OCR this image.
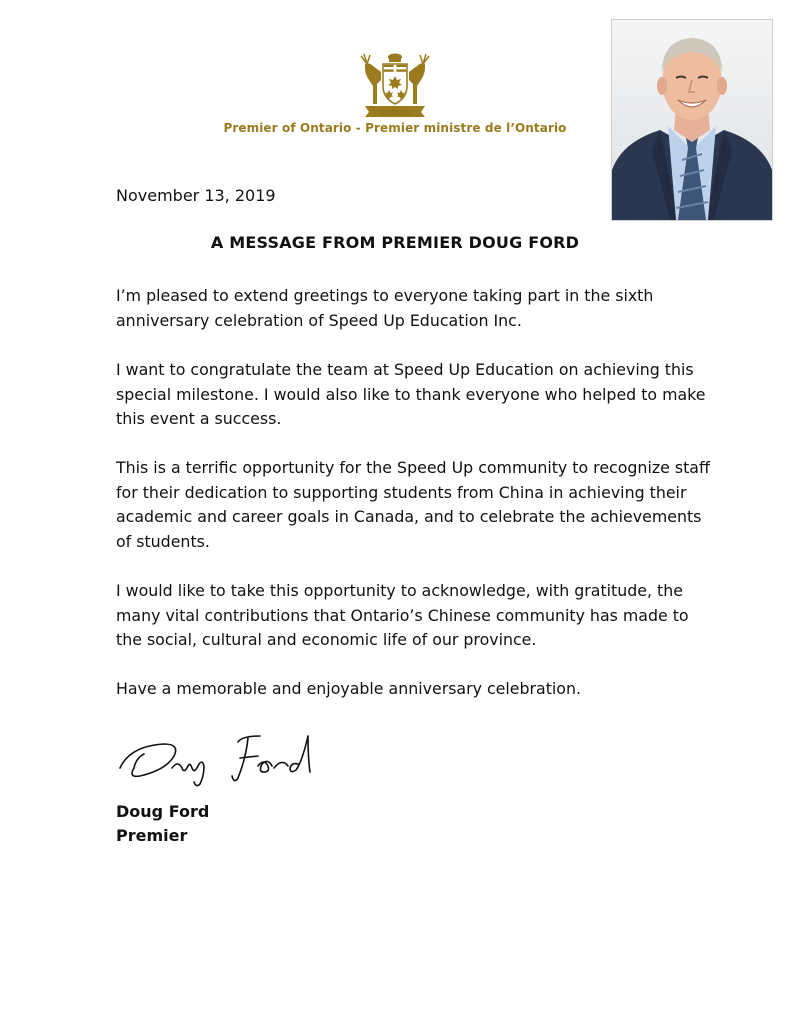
Ontario
Premier of Ontario - Premier ministre de l’Ontario
November 13, 2019
A MESSAGE FROM PREMIER DOUG FORD

I’m pleased to extend greetings to everyone taking part in the sixth anniversary celebration of Speed Up Education Inc.

I want to congratulate the team at Speed Up Education on achieving this special milestone. I would also like to thank everyone who helped to make this event a success.

This is a terrific opportunity for the Speed Up community to recognize staff for their dedication to supporting students from China in achieving their academic and career goals in Canada, and to celebrate the achievements of students.

I would like to take this opportunity to acknowledge, with gratitude, the many vital contributions that Ontario’s Chinese community has made to the social, cultural and economic life of our province.

Have a memorable and enjoyable anniversary celebration.

Doug Ford
Premier
